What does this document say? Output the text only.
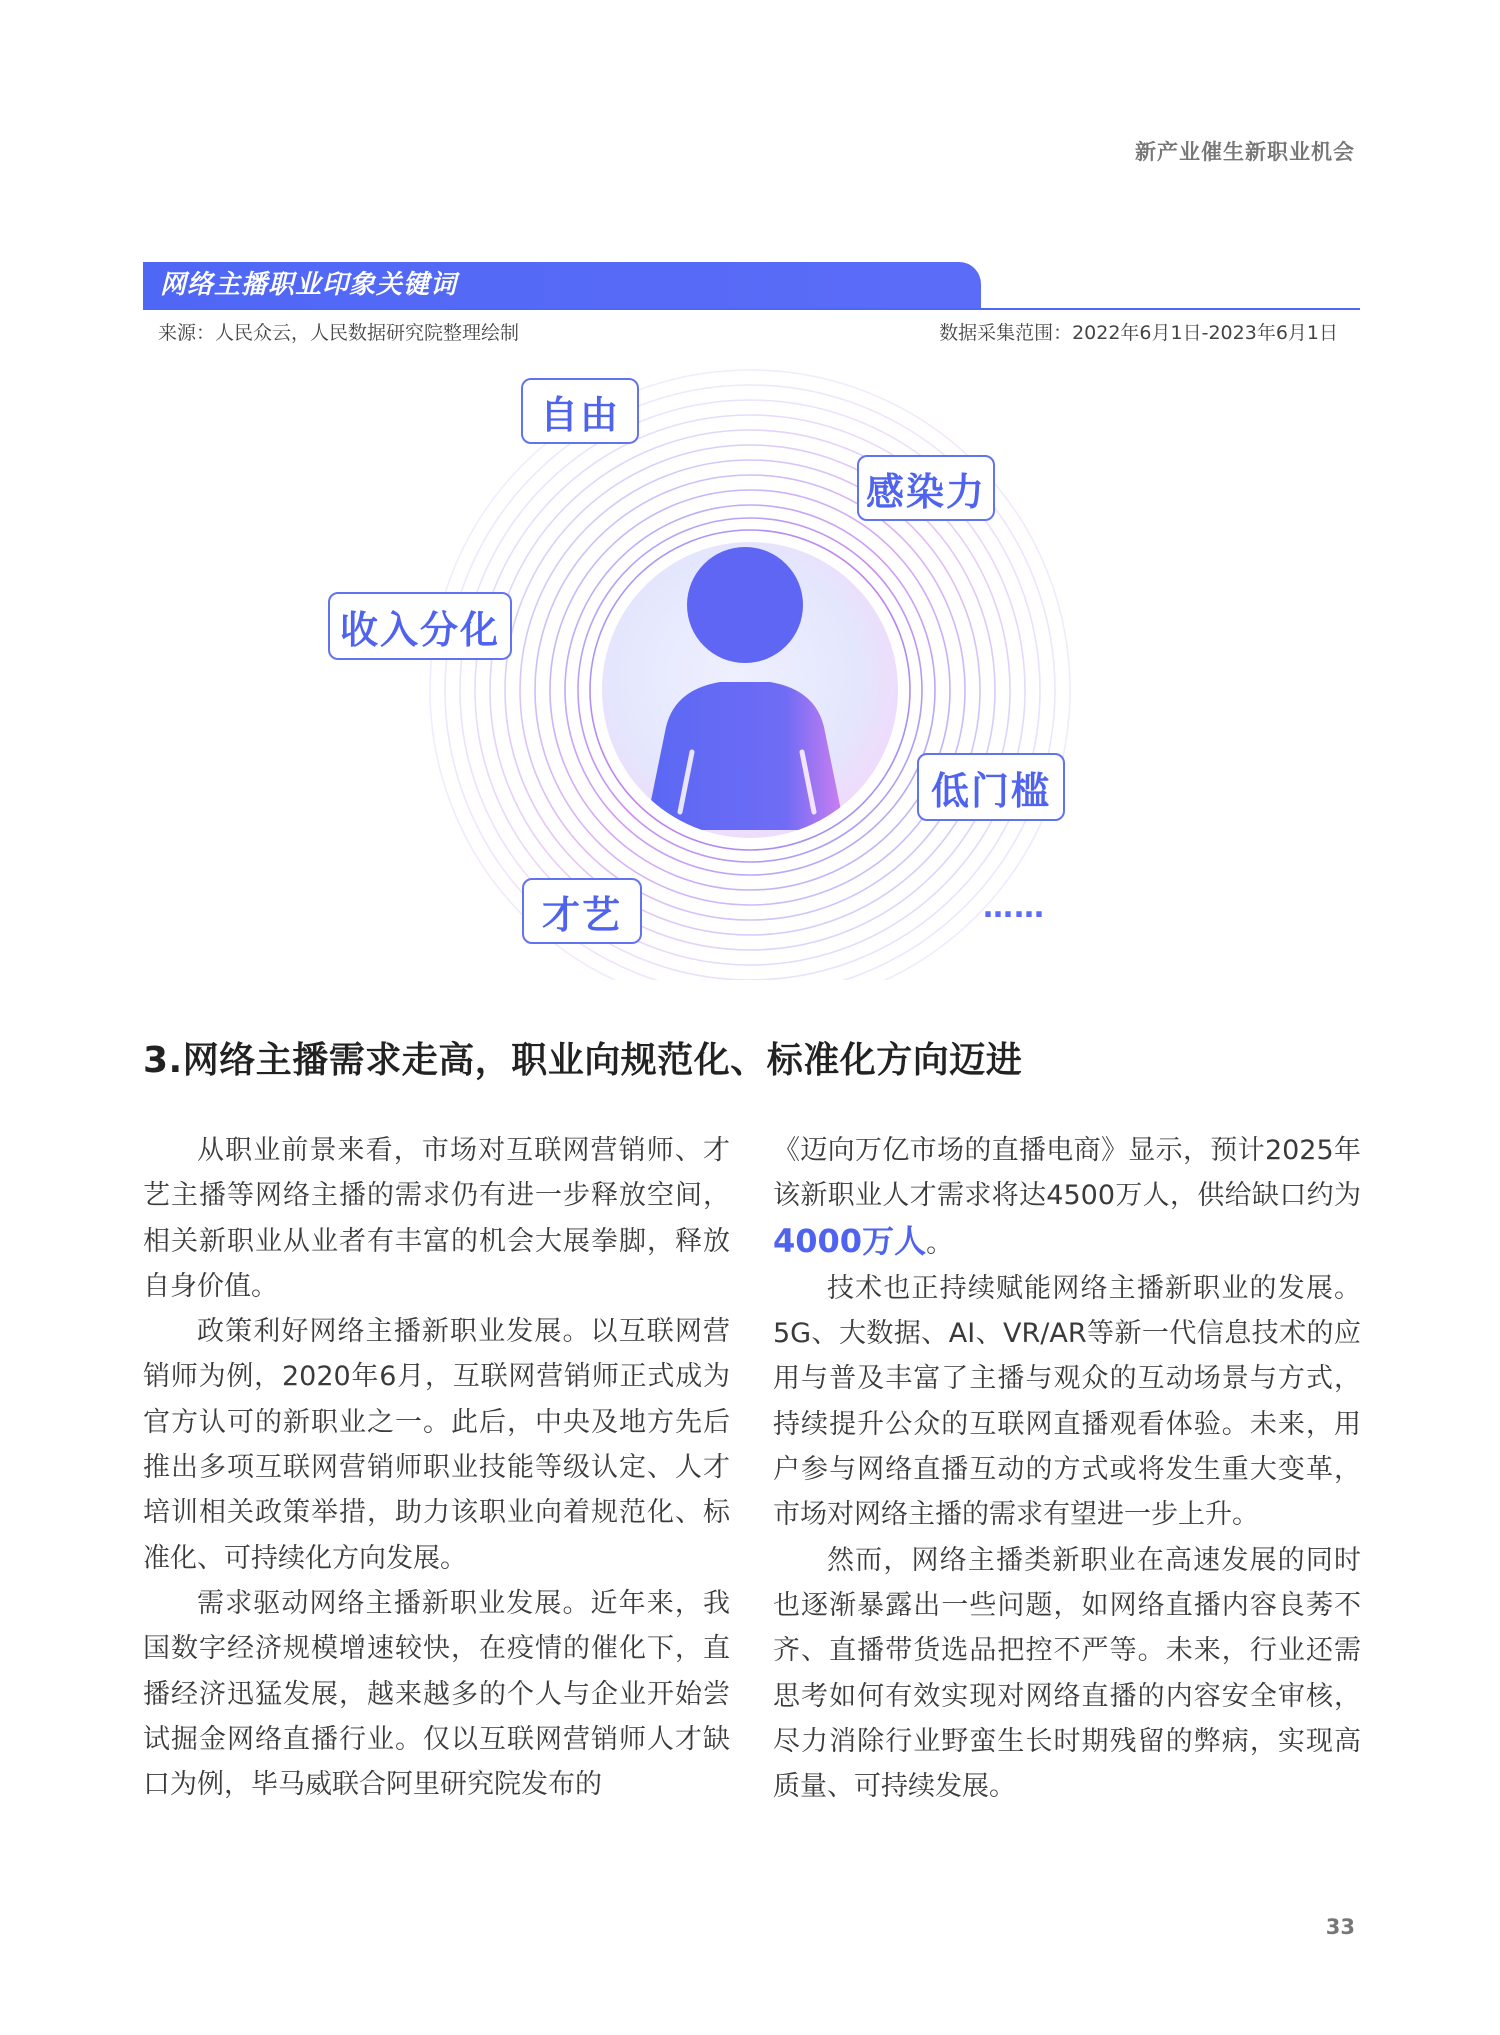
新产业催生新职业机会
网络主播职业印象关键词
来源：人民众云，人民数据研究院整理绘制	数据采集范围：2022年6月1日-2023年6月1日
自由
感染力
收入分化
低门槛
才艺	……
3.网络主播需求走高，职业向规范化、标准化方向迈进

从职业前景来看，市场对互联网营销师、才艺主播等网络主播的需求仍有进一步释放空间，相关新职业从业者有丰富的机会大展拳脚，释放自身价值。

政策利好网络主播新职业发展。以互联网营销师为例，2020年6月，互联网营销师正式成为官方认可的新职业之一。此后，中央及地方先后推出多项互联网营销师职业技能等级认定、人才培训相关政策举措，助力该职业向着规范化、标准化、可持续化方向发展。

需求驱动网络主播新职业发展。近年来，我国数字经济规模增速较快，在疫情的催化下，直播经济迅猛发展，越来越多的个人与企业开始尝试掘金网络直播行业。仅以互联网营销师人才缺口为例，毕马威联合阿里研究院发布的

《迈向万亿市场的直播电商》显示，预计2025年该新职业人才需求将达4500万人，供给缺口约为4000万人。

技术也正持续赋能网络主播新职业的发展。5G、大数据、AI、VR/AR等新一代信息技术的应用与普及丰富了主播与观众的互动场景与方式，持续提升公众的互联网直播观看体验。未来，用户参与网络直播互动的方式或将发生重大变革，市场对网络主播的需求有望进一步上升。

然而，网络主播类新职业在高速发展的同时也逐渐暴露出一些问题，如网络直播内容良莠不齐、直播带货选品把控不严等。未来，行业还需思考如何有效实现对网络直播的内容安全审核，尽力消除行业野蛮生长时期残留的弊病，实现高质量、可持续发展。

33
